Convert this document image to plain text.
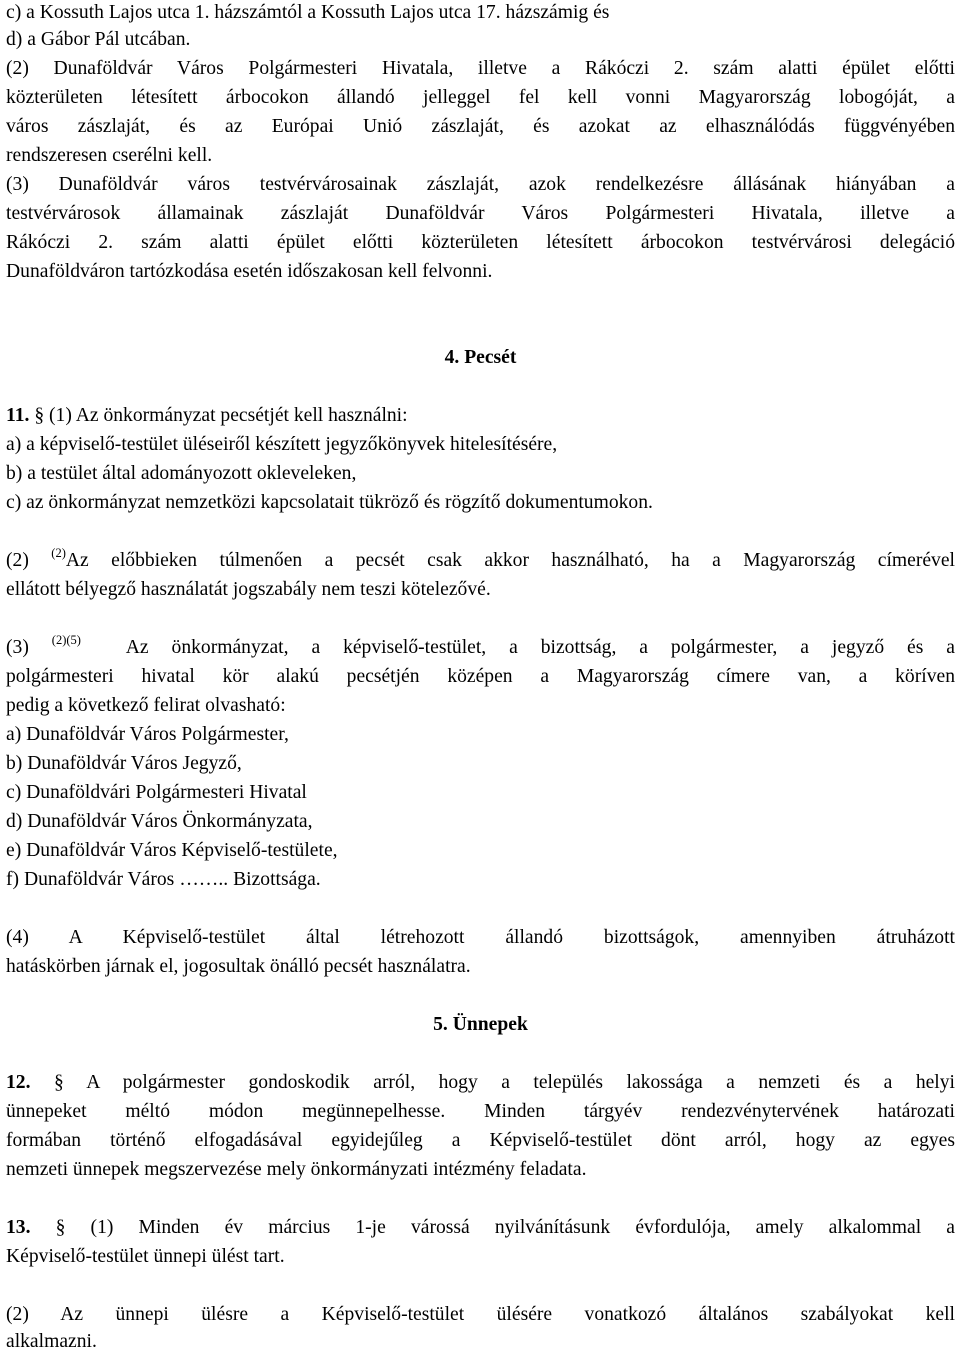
c) a Kossuth Lajos utca 1. házszámtól a Kossuth Lajos utca 17. házszámig és
d) a Gábor Pál utcában.
(2) Dunaföldvár Város Polgármesteri Hivatala, illetve a Rákóczi 2. szám alatti épület előtti
közterületen létesített árbocokon állandó jelleggel fel kell vonni Magyarország lobogóját, a
város zászlaját, és az Európai Unió zászlaját, és azokat az elhasználódás függvényében
rendszeresen cserélni kell.
(3) Dunaföldvár város testvérvárosainak zászlaját, azok rendelkezésre állásának hiányában a
testvérvárosok államainak zászlaját Dunaföldvár Város Polgármesteri Hivatala, illetve a
Rákóczi 2. szám alatti épület előtti közterületen létesített árbocokon testvérvárosi delegáció
Dunaföldváron tartózkodása esetén időszakosan kell felvonni.
4. Pecsét
11. § (1) Az önkormányzat pecsétjét kell használni:
a) a képviselő-testület üléseiről készített jegyzőkönyvek hitelesítésére,
b) a testület által adományozott okleveleken,
c) az önkormányzat nemzetközi kapcsolatait tükröző és rögzítő dokumentumokon.
(2) $^{(2)}$Az előbbieken túlmenően a pecsét csak akkor használható, ha a Magyarország címerével
ellátott bélyegző használatát jogszabály nem teszi kötelezővé.
(3) $^{(2)(5)}$ Az önkormányzat, a képviselő-testület, a bizottság, a polgármester, a jegyző és a
polgármesteri hivatal kör alakú pecsétjén középen a Magyarország címere van, a köríven
pedig a következő felirat olvasható:
a) Dunaföldvár Város Polgármester,
b) Dunaföldvár Város Jegyző,
c) Dunaföldvári Polgármesteri Hivatal
d) Dunaföldvár Város Önkormányzata,
e) Dunaföldvár Város Képviselő-testülete,
f) Dunaföldvár Város …….. Bizottsága.
(4) A Képviselő-testület által létrehozott állandó bizottságok, amennyiben átruházott
hatáskörben járnak el, jogosultak önálló pecsét használatra.
5. Ünnepek
12. § A polgármester gondoskodik arról, hogy a település lakossága a nemzeti és a helyi
ünnepeket méltó módon megünnepelhesse. Minden tárgyév rendezvénytervének határozati
formában történő elfogadásával egyidejűleg a Képviselő-testület dönt arról, hogy az egyes
nemzeti ünnepek megszervezése mely önkormányzati intézmény feladata.
13. § (1) Minden év március 1-je várossá nyilvánításunk évfordulója, amely alkalommal a
Képviselő-testület ünnepi ülést tart.
(2) Az ünnepi ülésre a Képviselő-testület ülésére vonatkozó általános szabályokat kell
alkalmazni.
